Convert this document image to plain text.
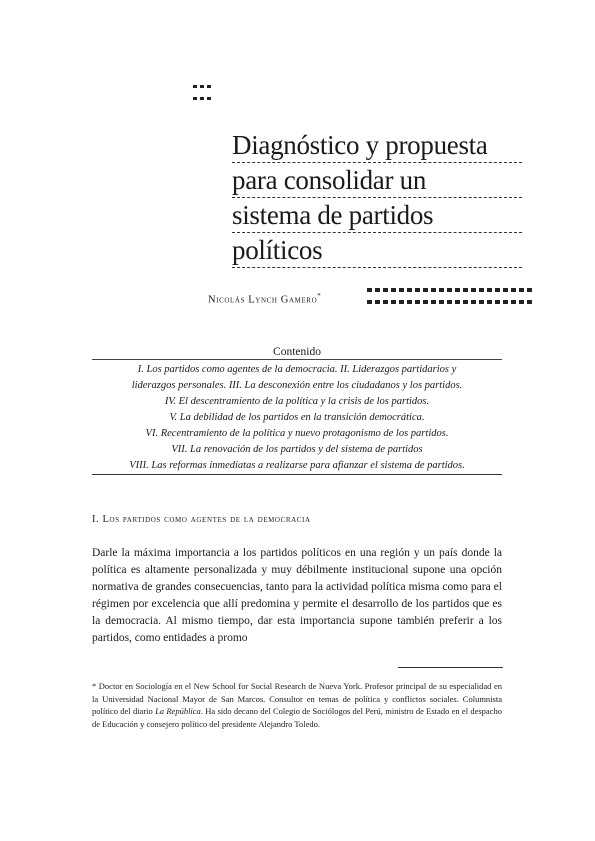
Diagnóstico y propuesta
para consolidar un
sistema de partidos
políticos
Nicolás Lynch Gamero*
Contenido
I. Los partidos como agentes de la democracia. II. Liderazgos partidarios y
liderazgos personales. III. La desconexión entre los ciudadanos y los partidos.
IV. El descentramiento de la política y la crisis de los partidos.
V. La debilidad de los partidos en la transición democrática.
VI. Recentramiento de la política y nuevo protagonismo de los partidos.
VII. La renovación de los partidos y del sistema de partidos
VIII. Las reformas inmediatas a realizarse para afianzar el sistema de partidos.
I. Los partidos como agentes de la democracia
Darle la máxima importancia a los partidos políticos en una región y un país donde la política es altamente personalizada y muy débilmente institucional supone una opción normativa de grandes consecuencias, tanto para la actividad política misma como para el régimen por excelencia que allí predomina y permite el desarrollo de los partidos que es la democracia. Al mismo tiempo, dar esta importancia supone también preferir a los partidos, como entidades a promo
* Doctor en Sociología en el New School for Social Research de Nueva York. Profesor principal de su especialidad en la Universidad Nacional Mayor de San Marcos. Consultor en temas de política y conflictos sociales. Columnista político del diario La República. Ha sido decano del Colegio de Sociólogos del Perú, ministro de Estado en el despacho de Educación y consejero político del presidente Alejandro Toledo.
